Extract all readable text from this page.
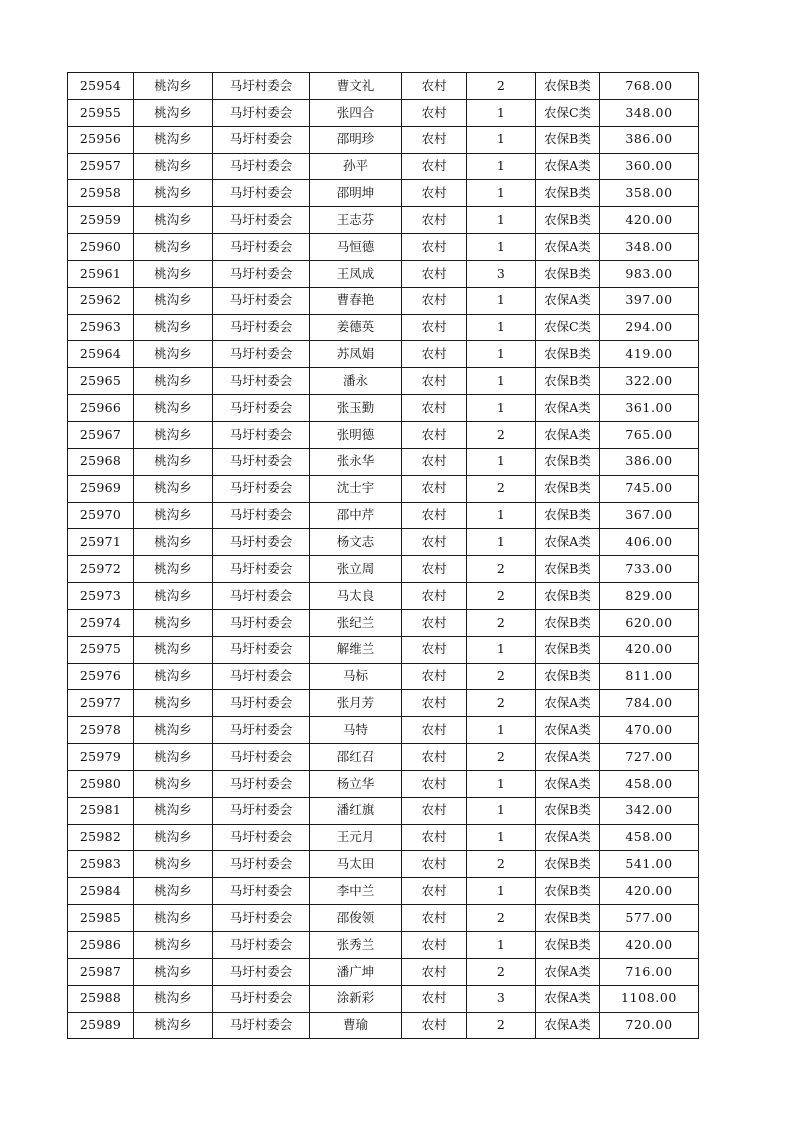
25954	桃沟乡	马圩村委会	曹文礼	农村	2	农保B类	768.00
25955	桃沟乡	马圩村委会	张四合	农村	1	农保C类	348.00
25956	桃沟乡	马圩村委会	邵明珍	农村	1	农保B类	386.00
25957	桃沟乡	马圩村委会	孙平	农村	1	农保A类	360.00
25958	桃沟乡	马圩村委会	邵明坤	农村	1	农保B类	358.00
25959	桃沟乡	马圩村委会	王志芬	农村	1	农保B类	420.00
25960	桃沟乡	马圩村委会	马恒德	农村	1	农保A类	348.00
25961	桃沟乡	马圩村委会	王凤成	农村	3	农保B类	983.00
25962	桃沟乡	马圩村委会	曹春艳	农村	1	农保A类	397.00
25963	桃沟乡	马圩村委会	姜德英	农村	1	农保C类	294.00
25964	桃沟乡	马圩村委会	苏凤娟	农村	1	农保B类	419.00
25965	桃沟乡	马圩村委会	潘永	农村	1	农保B类	322.00
25966	桃沟乡	马圩村委会	张玉勤	农村	1	农保A类	361.00
25967	桃沟乡	马圩村委会	张明德	农村	2	农保A类	765.00
25968	桃沟乡	马圩村委会	张永华	农村	1	农保B类	386.00
25969	桃沟乡	马圩村委会	沈士宇	农村	2	农保B类	745.00
25970	桃沟乡	马圩村委会	邵中芹	农村	1	农保B类	367.00
25971	桃沟乡	马圩村委会	杨文志	农村	1	农保A类	406.00
25972	桃沟乡	马圩村委会	张立周	农村	2	农保B类	733.00
25973	桃沟乡	马圩村委会	马太良	农村	2	农保B类	829.00
25974	桃沟乡	马圩村委会	张纪兰	农村	2	农保B类	620.00
25975	桃沟乡	马圩村委会	解维兰	农村	1	农保B类	420.00
25976	桃沟乡	马圩村委会	马标	农村	2	农保B类	811.00
25977	桃沟乡	马圩村委会	张月芳	农村	2	农保A类	784.00
25978	桃沟乡	马圩村委会	马特	农村	1	农保A类	470.00
25979	桃沟乡	马圩村委会	邵红召	农村	2	农保A类	727.00
25980	桃沟乡	马圩村委会	杨立华	农村	1	农保A类	458.00
25981	桃沟乡	马圩村委会	潘红旗	农村	1	农保B类	342.00
25982	桃沟乡	马圩村委会	王元月	农村	1	农保A类	458.00
25983	桃沟乡	马圩村委会	马太田	农村	2	农保B类	541.00
25984	桃沟乡	马圩村委会	李中兰	农村	1	农保B类	420.00
25985	桃沟乡	马圩村委会	邵俊领	农村	2	农保B类	577.00
25986	桃沟乡	马圩村委会	张秀兰	农村	1	农保B类	420.00
25987	桃沟乡	马圩村委会	潘广坤	农村	2	农保A类	716.00
25988	桃沟乡	马圩村委会	涂新彩	农村	3	农保A类	1108.00
25989	桃沟乡	马圩村委会	曹瑜	农村	2	农保A类	720.00
